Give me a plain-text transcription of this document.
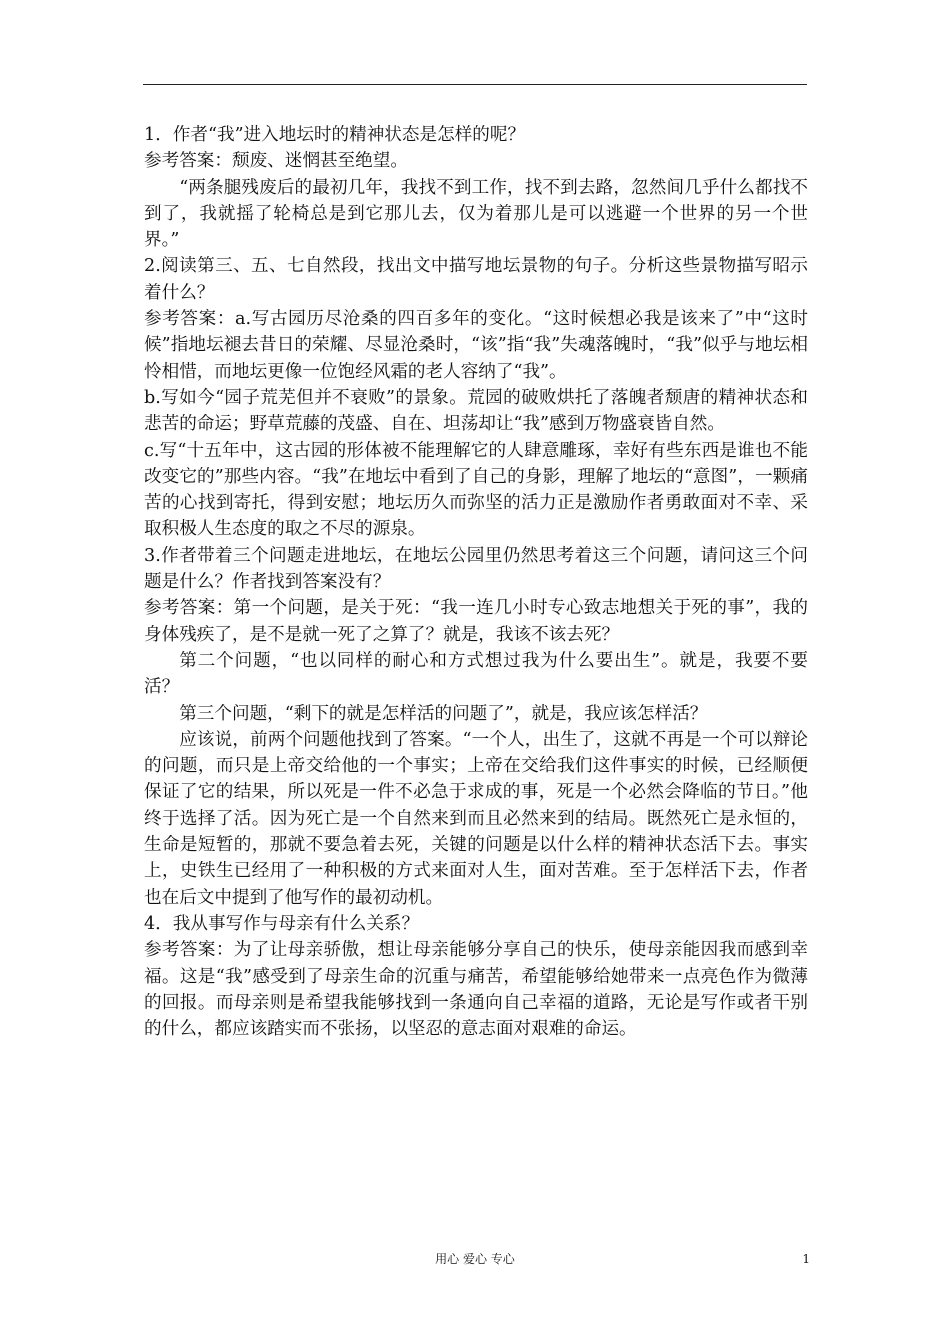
1．作者“我”进入地坛时的精神状态是怎样的呢？

参考答案：颓废、迷惘甚至绝望。

“两条腿残废后的最初几年，我找不到工作，找不到去路，忽然间几乎什么都找不到了，我就摇了轮椅总是到它那儿去，仅为着那儿是可以逃避一个世界的另一个世界。”

2.阅读第三、五、七自然段，找出文中描写地坛景物的句子。分析这些景物描写昭示着什么？

参考答案：a.写古园历尽沧桑的四百多年的变化。“这时候想必我是该来了”中“这时候”指地坛褪去昔日的荣耀、尽显沧桑时，“该”指“我”失魂落魄时，“我”似乎与地坛相怜相惜，而地坛更像一位饱经风霜的老人容纳了“我”。

b.写如今“园子荒芜但并不衰败”的景象。荒园的破败烘托了落魄者颓唐的精神状态和悲苦的命运；野草荒藤的茂盛、自在、坦荡却让“我”感到万物盛衰皆自然。

c.写“十五年中，这古园的形体被不能理解它的人肆意雕琢，幸好有些东西是谁也不能改变它的”那些内容。“我”在地坛中看到了自己的身影，理解了地坛的“意图”，一颗痛苦的心找到寄托，得到安慰；地坛历久而弥坚的活力正是激励作者勇敢面对不幸、采取积极人生态度的取之不尽的源泉。

3.作者带着三个问题走进地坛，在地坛公园里仍然思考着这三个问题，请问这三个问题是什么？作者找到答案没有？

参考答案：第一个问题，是关于死：“我一连几小时专心致志地想关于死的事”，我的身体残疾了，是不是就一死了之算了？就是，我该不该去死？

第二个问题，“也以同样的耐心和方式想过我为什么要出生”。就是，我要不要活？

第三个问题，“剩下的就是怎样活的问题了”，就是，我应该怎样活？

应该说，前两个问题他找到了答案。“一个人，出生了，这就不再是一个可以辩论的问题，而只是上帝交给他的一个事实；上帝在交给我们这件事实的时候，已经顺便保证了它的结果，所以死是一件不必急于求成的事，死是一个必然会降临的节日。”他终于选择了活。因为死亡是一个自然来到而且必然来到的结局。既然死亡是永恒的，生命是短暂的，那就不要急着去死，关键的问题是以什么样的精神状态活下去。事实上，史铁生已经用了一种积极的方式来面对人生，面对苦难。至于怎样活下去，作者也在后文中提到了他写作的最初动机。

4．我从事写作与母亲有什么关系？

参考答案：为了让母亲骄傲，想让母亲能够分享自己的快乐，使母亲能因我而感到幸福。这是“我”感受到了母亲生命的沉重与痛苦，希望能够给她带来一点亮色作为微薄的回报。而母亲则是希望我能够找到一条通向自己幸福的道路，无论是写作或者干别的什么，都应该踏实而不张扬，以坚忍的意志面对艰难的命运。

用心 爱心 专心	1
